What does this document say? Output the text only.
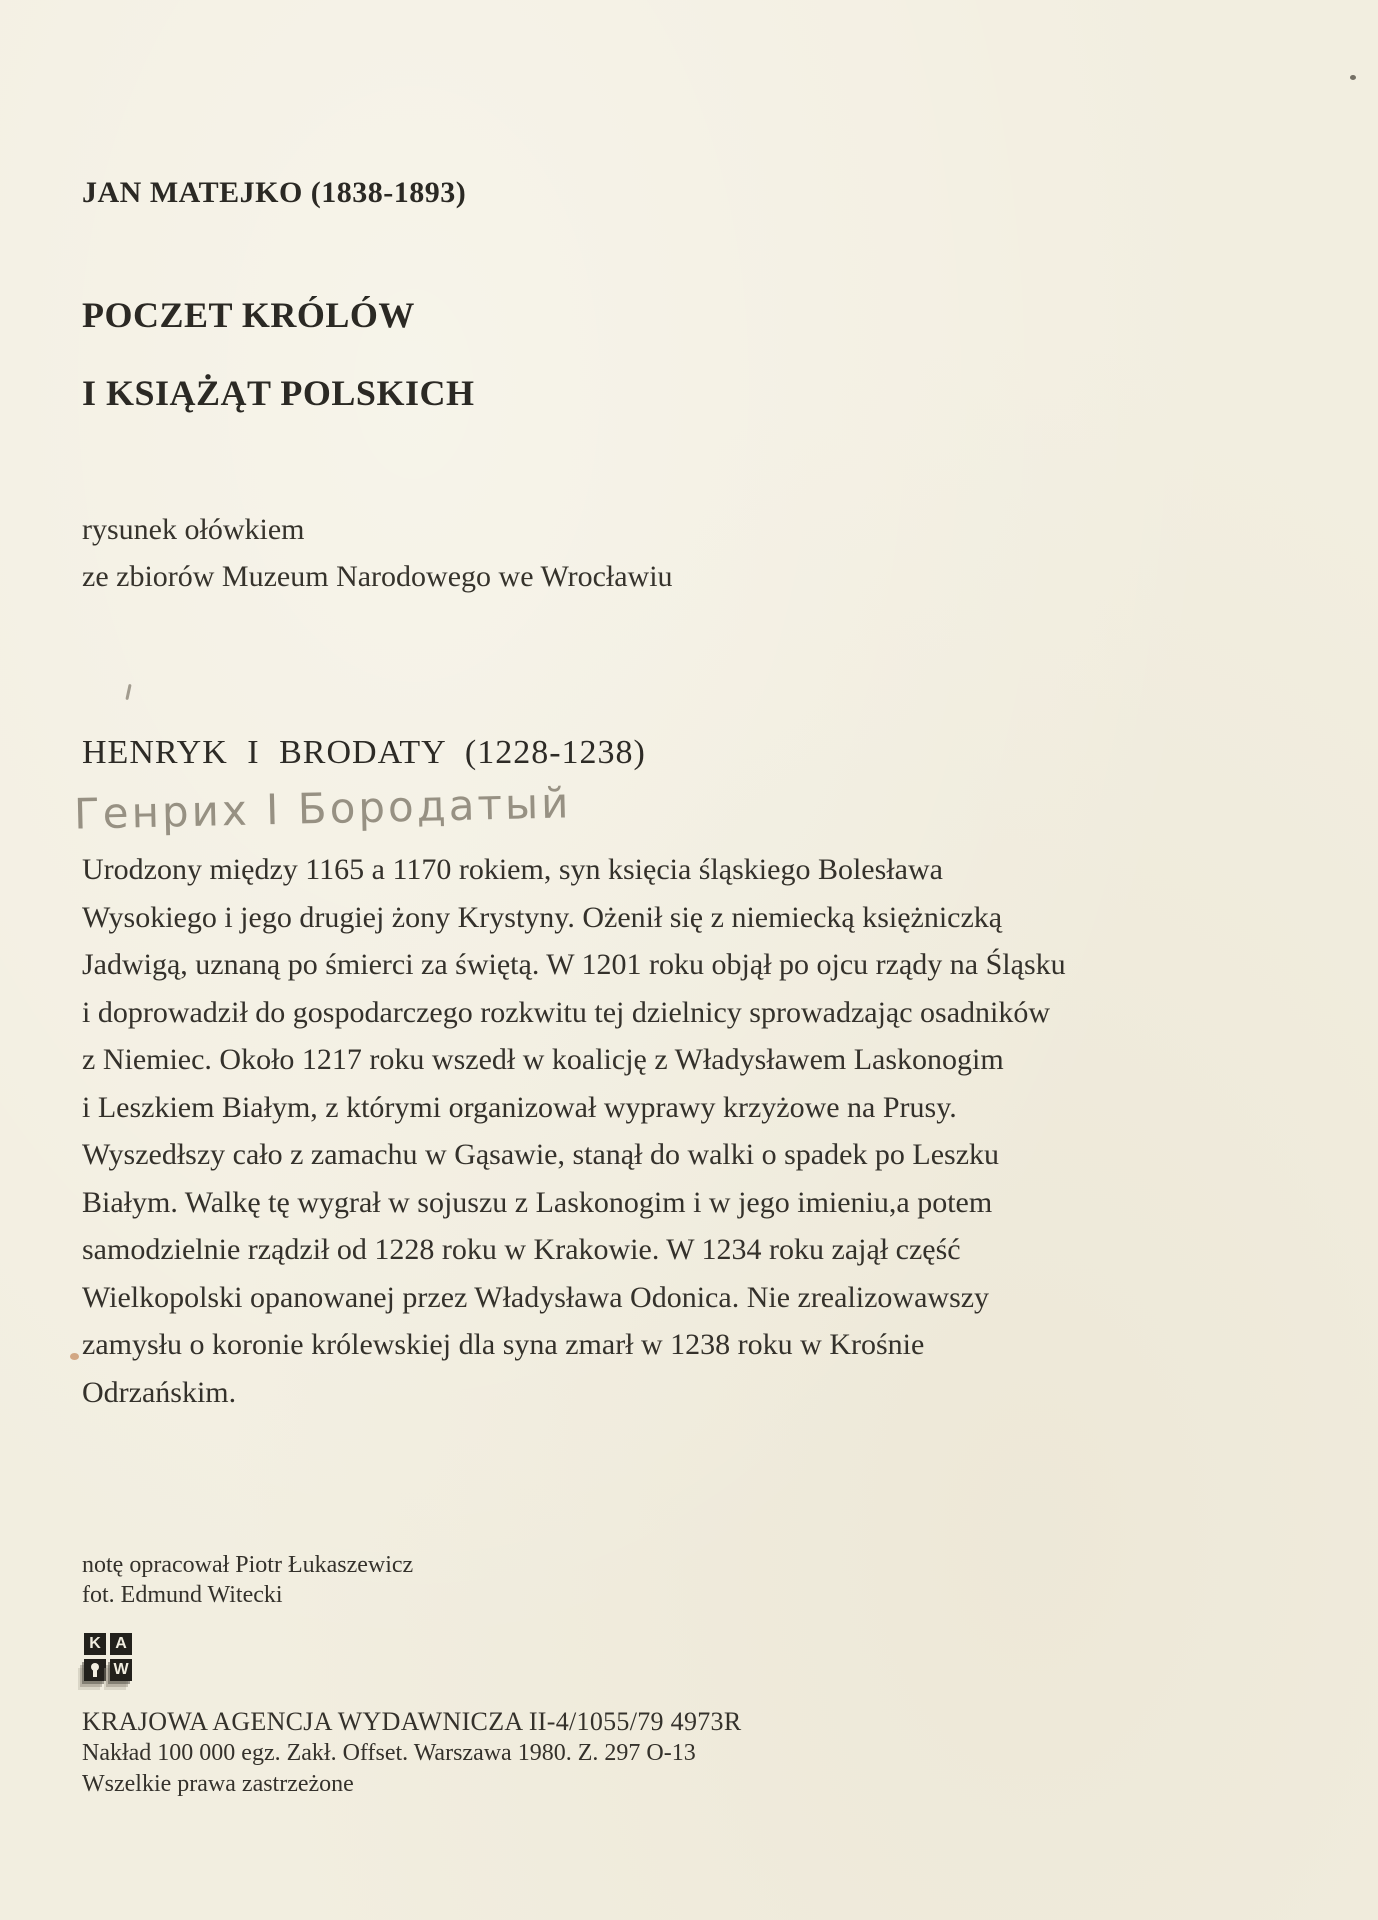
JAN MATEJKO (1838-1893)
POCZET KRÓLÓW
I KSIĄŻĄT POLSKICH
rysunek ołówkiem
ze zbiorów Muzeum Narodowego we Wrocławiu
HENRYK I BRODATY (1228-1238)
Генрих I Бородатый
Urodzony między 1165 a 1170 rokiem, syn księcia śląskiego Bolesława
Wysokiego i jego drugiej żony Krystyny. Ożenił się z niemiecką księżniczką
Jadwigą, uznaną po śmierci za świętą. W 1201 roku objął po ojcu rządy na Śląsku
i doprowadził do gospodarczego rozkwitu tej dzielnicy sprowadzając osadników
z Niemiec. Około 1217 roku wszedł w koalicję z Władysławem Laskonogim
i Leszkiem Białym, z którymi organizował wyprawy krzyżowe na Prusy.
Wyszedłszy cało z zamachu w Gąsawie, stanął do walki o spadek po Leszku
Białym. Walkę tę wygrał w sojuszu z Laskonogim i w jego imieniu,a potem
samodzielnie rządził od 1228 roku w Krakowie. W 1234 roku zajął część
Wielkopolski opanowanej przez Władysława Odonica. Nie zrealizowawszy
zamysłu o koronie królewskiej dla syna zmarł w 1238 roku w Krośnie
Odrzańskim.
notę opracował Piotr Łukaszewicz
fot. Edmund Witecki
K A
W
KRAJOWA AGENCJA WYDAWNICZA II-4/1055/79 4973R
Nakład 100 000 egz. Zakł. Offset. Warszawa 1980. Z. 297 O-13
Wszelkie prawa zastrzeżone
